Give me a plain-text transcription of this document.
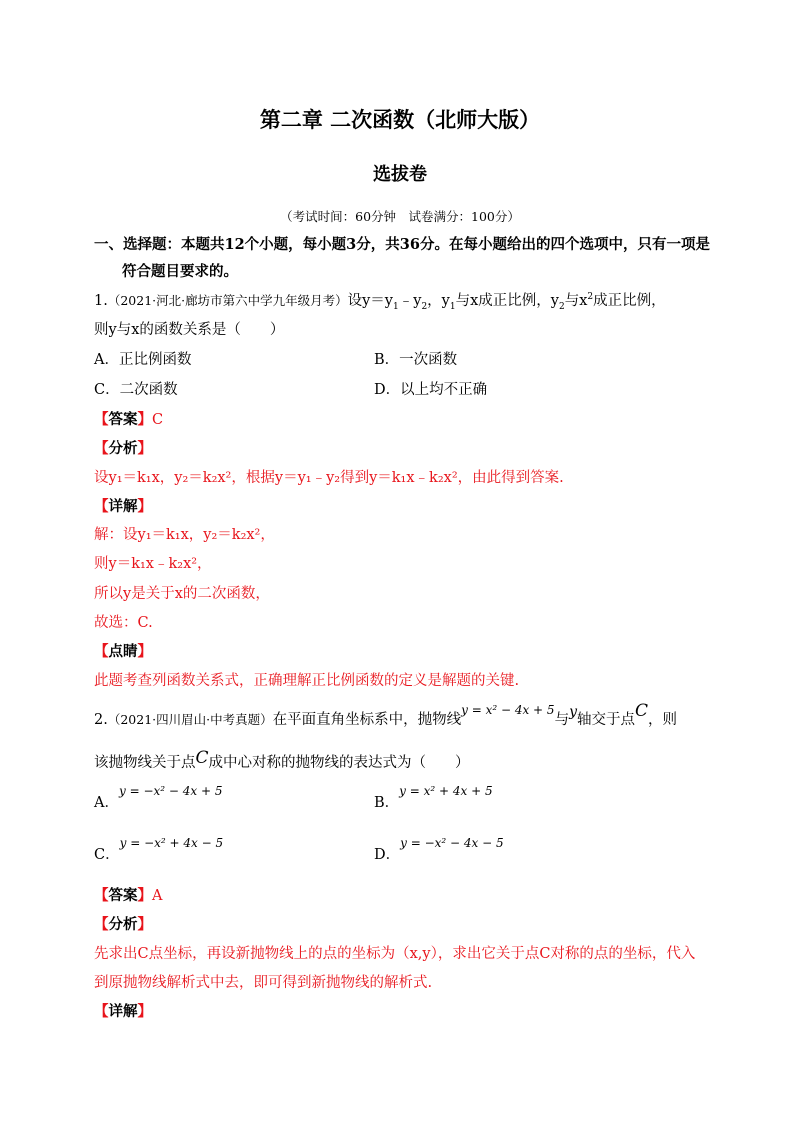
第二章 二次函数（北师大版）
选拔卷
（考试时间：60分钟　试卷满分：100分）
一、选择题：本题共12个小题，每小题3分，共36分。在每小题给出的四个选项中，只有一项是
符合题目要求的。
1.（2021·河北·廊坊市第六中学九年级月考）设$y=y_1﹣y_2$，$y_1$与x成正比例，$y_2$与$x^2$成正比例，
则y与x的函数关系是（　　）
A．正比例函数	B．一次函数
C．二次函数	D．以上均不正确
【答案】C
【分析】
设y₁＝k₁x，y₂＝k₂x²，根据y＝y₁﹣y₂得到y＝k₁x﹣k₂x²，由此得到答案.
【详解】
解：设y₁＝k₁x，y₂＝k₂x²，
则y＝k₁x﹣k₂x²，
所以y是关于x的二次函数，
故选：C.
【点睛】
此题考查列函数关系式，正确理解正比例函数的定义是解题的关键.
2.（2021·四川眉山·中考真题）在平面直角坐标系中，抛物线$^{y = x^2 - 4x + 5}$与y轴交于点C，则
该抛物线关于点C成中心对称的抛物线的表达式为（　　）
A．$^{y = -x^2 - 4x + 5}$
B．$^{y = x^2 + 4x + 5}$
C．$^{y = -x^2 + 4x - 5}$
D．$^{y = -x^2 - 4x - 5}$
【答案】A
【分析】
先求出C点坐标，再设新抛物线上的点的坐标为（x,y），求出它关于点C对称的点的坐标，代入
到原抛物线解析式中去，即可得到新抛物线的解析式.
【详解】
